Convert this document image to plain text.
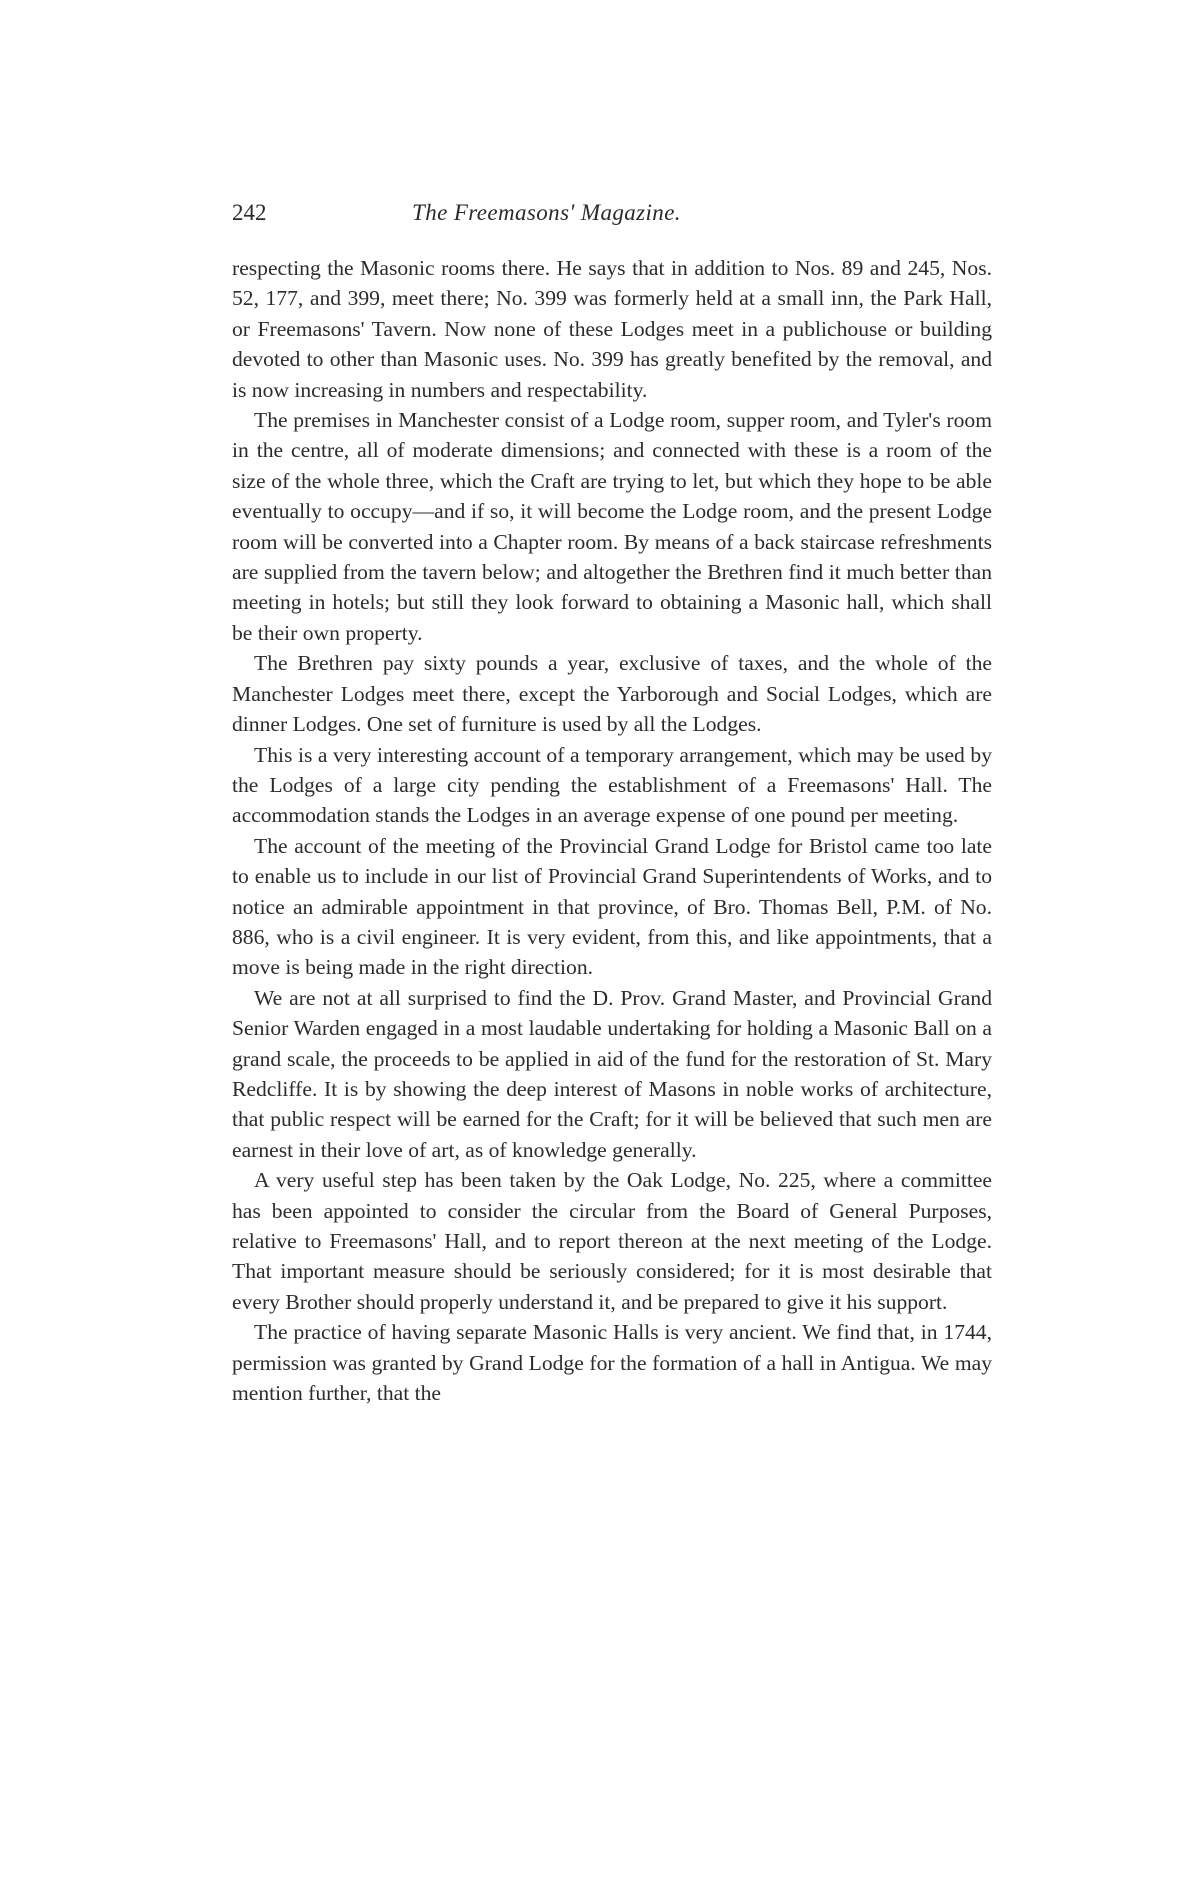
242	The Freemasons' Magazine.

respecting the Masonic rooms there. He says that in addition to Nos. 89 and 245, Nos. 52, 177, and 399, meet there; No. 399 was formerly held at a small inn, the Park Hall, or Freemasons' Tavern. Now none of these Lodges meet in a publichouse or building devoted to other than Masonic uses. No. 399 has greatly benefited by the removal, and is now increasing in numbers and respectability.

The premises in Manchester consist of a Lodge room, supper room, and Tyler's room in the centre, all of moderate dimensions; and connected with these is a room of the size of the whole three, which the Craft are trying to let, but which they hope to be able eventually to occupy—and if so, it will become the Lodge room, and the present Lodge room will be converted into a Chapter room. By means of a back staircase refreshments are supplied from the tavern below; and altogether the Brethren find it much better than meeting in hotels; but still they look forward to obtaining a Masonic hall, which shall be their own property.

The Brethren pay sixty pounds a year, exclusive of taxes, and the whole of the Manchester Lodges meet there, except the Yarborough and Social Lodges, which are dinner Lodges. One set of furniture is used by all the Lodges.

This is a very interesting account of a temporary arrangement, which may be used by the Lodges of a large city pending the establishment of a Freemasons' Hall. The accommodation stands the Lodges in an average expense of one pound per meeting.

The account of the meeting of the Provincial Grand Lodge for Bristol came too late to enable us to include in our list of Provincial Grand Superintendents of Works, and to notice an admirable appointment in that province, of Bro. Thomas Bell, P.M. of No. 886, who is a civil engineer. It is very evident, from this, and like appointments, that a move is being made in the right direction.

We are not at all surprised to find the D. Prov. Grand Master, and Provincial Grand Senior Warden engaged in a most laudable undertaking for holding a Masonic Ball on a grand scale, the proceeds to be applied in aid of the fund for the restoration of St. Mary Redcliffe. It is by showing the deep interest of Masons in noble works of architecture, that public respect will be earned for the Craft; for it will be believed that such men are earnest in their love of art, as of knowledge generally.

A very useful step has been taken by the Oak Lodge, No. 225, where a committee has been appointed to consider the circular from the Board of General Purposes, relative to Freemasons' Hall, and to report thereon at the next meeting of the Lodge. That important measure should be seriously considered; for it is most desirable that every Brother should properly understand it, and be prepared to give it his support.

The practice of having separate Masonic Halls is very ancient. We find that, in 1744, permission was granted by Grand Lodge for the formation of a hall in Antigua. We may mention further, that the
